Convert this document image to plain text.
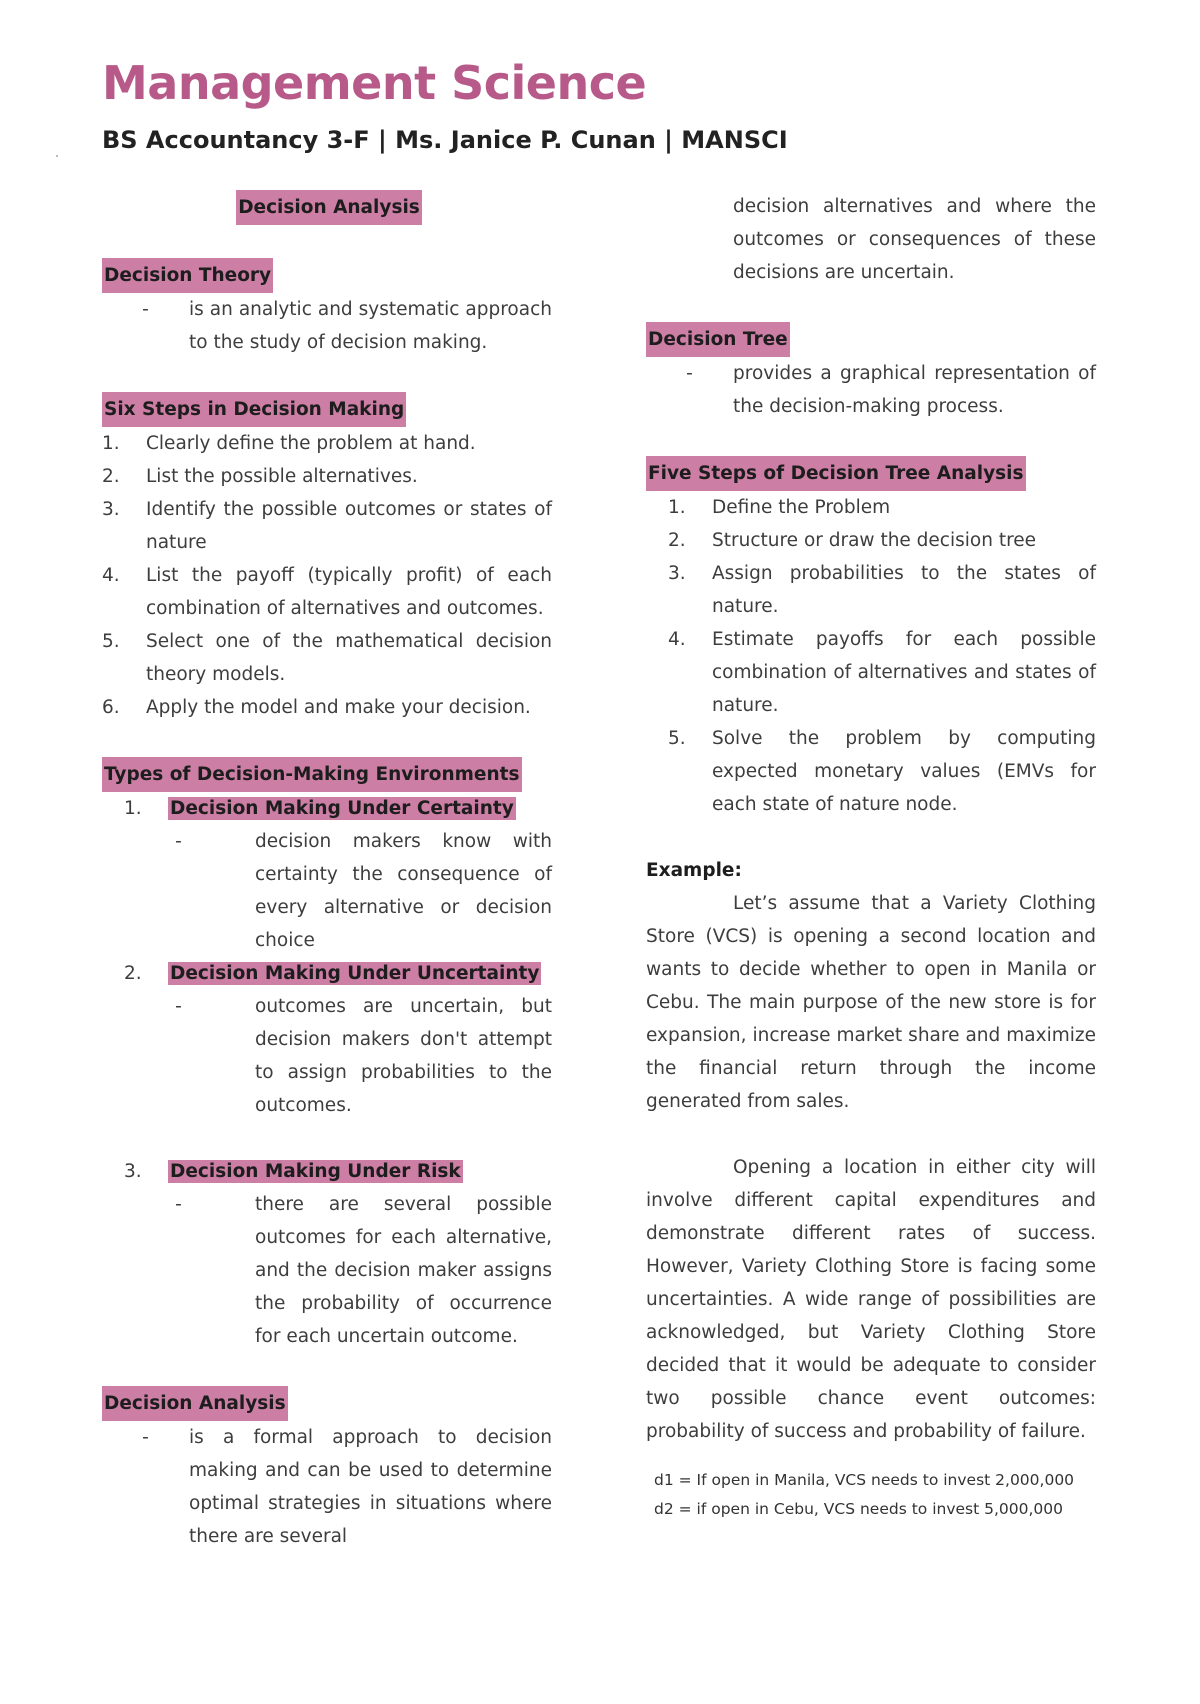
Management Science
BS Accountancy 3-F | Ms. Janice P. Cunan | MANSCI
Decision Analysis
Decision Theory
-	is an analytic and systematic approach to the study of decision making.
Six Steps in Decision Making
1.	Clearly define the problem at hand.
2.	List the possible alternatives.
3.	Identify the possible outcomes or states of nature
4.	List the payoff (typically profit) of each combination of alternatives and outcomes.
5.	Select one of the mathematical decision theory models.
6.	Apply the model and make your decision.
Types of Decision-Making Environments
1.	Decision Making Under Certainty
-	decision makers know with certainty the consequence of every alternative or decision choice
2.	Decision Making Under Uncertainty
-	outcomes are uncertain, but decision makers don't attempt to assign probabilities to the outcomes.
3.	Decision Making Under Risk
-	there are several possible outcomes for each alternative, and the decision maker assigns the probability of occurrence for each uncertain outcome.
Decision Analysis
-	is a formal approach to decision making and can be used to determine optimal strategies in situations where there are several
decision alternatives and where the outcomes or consequences of these decisions are uncertain.
Decision Tree
-	provides a graphical representation of the decision-making process.
Five Steps of Decision Tree Analysis
1.	Define the Problem
2.	Structure or draw the decision tree
3.	Assign probabilities to the states of nature.
4.	Estimate payoffs for each possible combination of alternatives and states of nature.
5.	Solve the problem by computing expected monetary values (EMVs for each state of nature node.
Example:

Let’s assume that a Variety Clothing Store (VCS) is opening a second location and wants to decide whether to open in Manila or Cebu. The main purpose of the new store is for expansion, increase market share and maximize the financial return through the income generated from sales.

Opening a location in either city will involve different capital expenditures and demonstrate different rates of success. However, Variety Clothing Store is facing some uncertainties. A wide range of possibilities are acknowledged, but Variety Clothing Store decided that it would be adequate to consider two possible chance event outcomes: probability of success and probability of failure.

d1 = If open in Manila, VCS needs to invest 2,000,000
d2 = if open in Cebu, VCS needs to invest 5,000,000
